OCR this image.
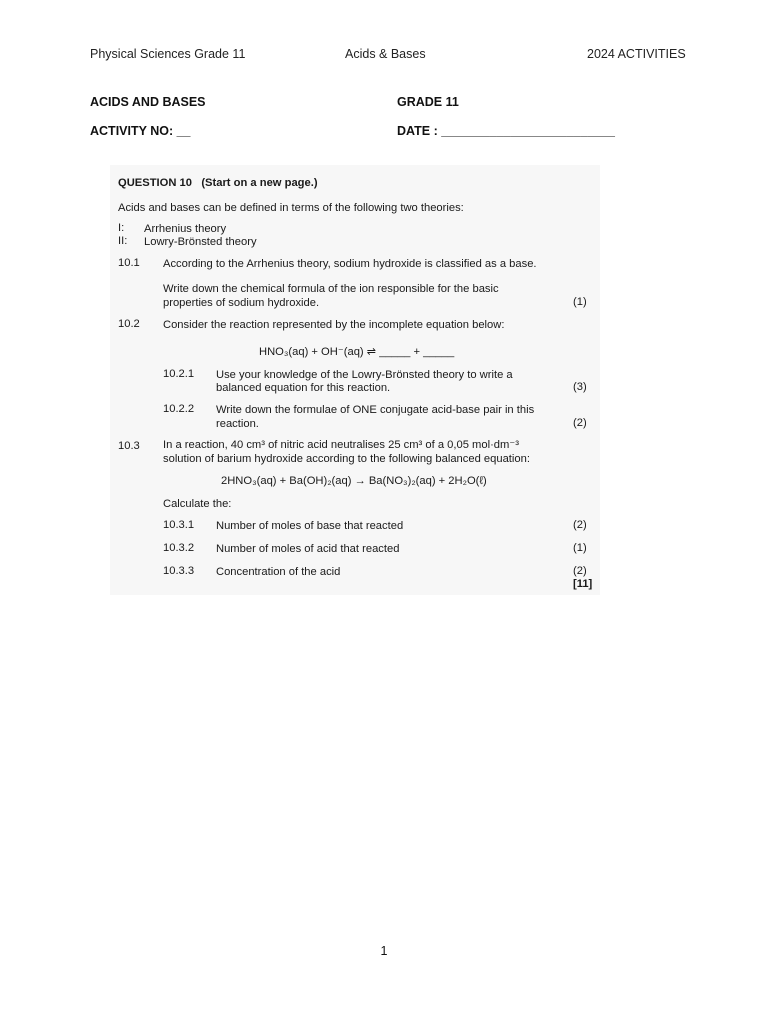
Physical Sciences Grade 11	Acids & Bases	2024 ACTIVITIES
ACIDS AND BASES	GRADE 11
ACTIVITY NO: __	DATE : _________________________
QUESTION 10 (Start on a new page.)
Acids and bases can be defined in terms of the following two theories:
I: Arrhenius theory
II: Lowry-Brönsted theory
10.1 According to the Arrhenius theory, sodium hydroxide is classified as a base.
Write down the chemical formula of the ion responsible for the basic
properties of sodium hydroxide.	(1)
10.2 Consider the reaction represented by the incomplete equation below:
HNO₃(aq) + OH⁻(aq) ⇌ _____ + _____
10.2.1 Use your knowledge of the Lowry-Brönsted theory to write a
balanced equation for this reaction.	(3)
10.2.2 Write down the formulae of ONE conjugate acid-base pair in this
reaction.	(2)
10.3 In a reaction, 40 cm³ of nitric acid neutralises 25 cm³ of a 0,05 mol·dm⁻³
solution of barium hydroxide according to the following balanced equation:
2HNO₃(aq) + Ba(OH)₂(aq) → Ba(NO₃)₂(aq) + 2H₂O(ℓ)
Calculate the:
10.3.1 Number of moles of base that reacted	(2)
10.3.2 Number of moles of acid that reacted	(1)
10.3.3 Concentration of the acid	(2)
[11]
1
